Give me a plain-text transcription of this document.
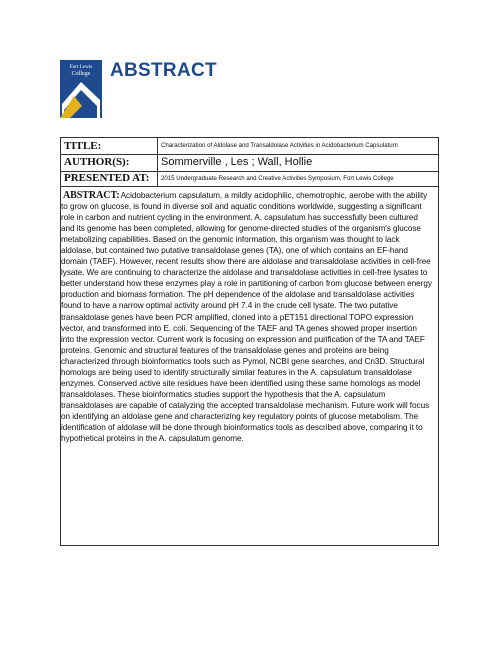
Fort Lewis
College ABSTRACT
TITLE:	Characterization of Aldolase and Transaldolase Activities in Acidobacterium Capsulatum
AUTHOR(S):	Sommerville , Les ; Wall, Hollie
PRESENTED AT:	2015 Undergraduate Research and Creative Activities Symposium, Fort Lewis College
ABSTRACT: Acidobacterium capsulatum, a mildly acidophilic, chemotrophic, aerobe with the ability to grow on glucose, is found in diverse soil and aquatic conditions worldwide, suggesting a significant role in carbon and nutrient cycling in the environment. A. capsulatum has successfully been cultured and its genome has been completed, allowing for genome-directed studies of the organism's glucose metabolizing capabilities. Based on the genomic information, this organism was thought to lack aldolase, but contained two putative transaldolase genes (TA), one of which contains an EF-hand domain (TAEF). However, recent results show there are aldolase and transaldolase activities in cell-free lysate. We are continuing to characterize the aldolase and transaldolase activities in cell-free lysates to better understand how these enzymes play a role in partitioning of carbon from glucose between energy production and biomass formation. The pH dependence of the aldolase and transaldolase activities found to have a narrow optimal activity around pH 7.4 in the crude cell lysate. The two putative transaldolase genes have been PCR amplified, cloned into a pET151 directional TOPO expression vector, and transformed into E. coli. Sequencing of the TAEF and TA genes showed proper insertion into the expression vector. Current work is focusing on expression and purification of the TA and TAEF proteins. Genomic and structural features of the transaldolase genes and proteins are being characterized through bioinformatics tools such as Pymol, NCBI gene searches, and Cn3D. Structural homologs are being used to identify structurally similar features in the A. capsulatum transaldolase enzymes. Conserved active site residues have been identified using these same homologs as model transaldolases. These bioinformatics studies support the hypothesis that the A. capsulatum transaldolases are capable of catalyzing the accepted transaldolase mechanism. Future work will focus on identifying an aldolase gene and characterizing key regulatory points of glucose metabolism. The identification of aldolase will be done through bioinformatics tools as described above, comparing it to hypothetical proteins in the A. capsulatum genome.
